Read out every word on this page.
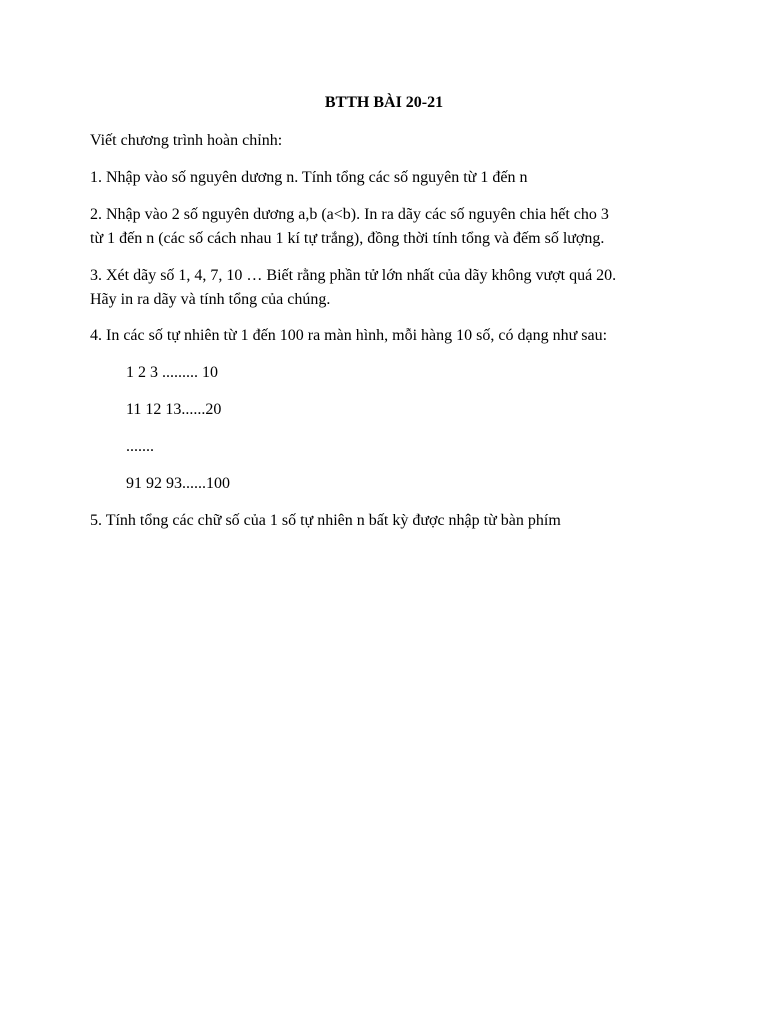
BTTH BÀI 20-21
Viết chương trình hoàn chỉnh:
1. Nhập vào số nguyên dương n. Tính tổng các số nguyên từ 1 đến n
2. Nhập vào 2 số nguyên dương a,b (a<b). In ra dãy các số nguyên chia hết cho 3
từ 1 đến n (các số cách nhau 1 kí tự trắng), đồng thời tính tổng và đếm số lượng.
3. Xét dãy số 1, 4, 7, 10 … Biết rằng phần tử lớn nhất của dãy không vượt quá 20.
Hãy in ra dãy và tính tổng của chúng.
4. In các số tự nhiên từ 1 đến 100 ra màn hình, mỗi hàng 10 số, có dạng như sau:
1 2 3 ......... 10
11 12 13......20
.......
91 92 93......100
5. Tính tổng các chữ số của 1 số tự nhiên n bất kỳ được nhập từ bàn phím
